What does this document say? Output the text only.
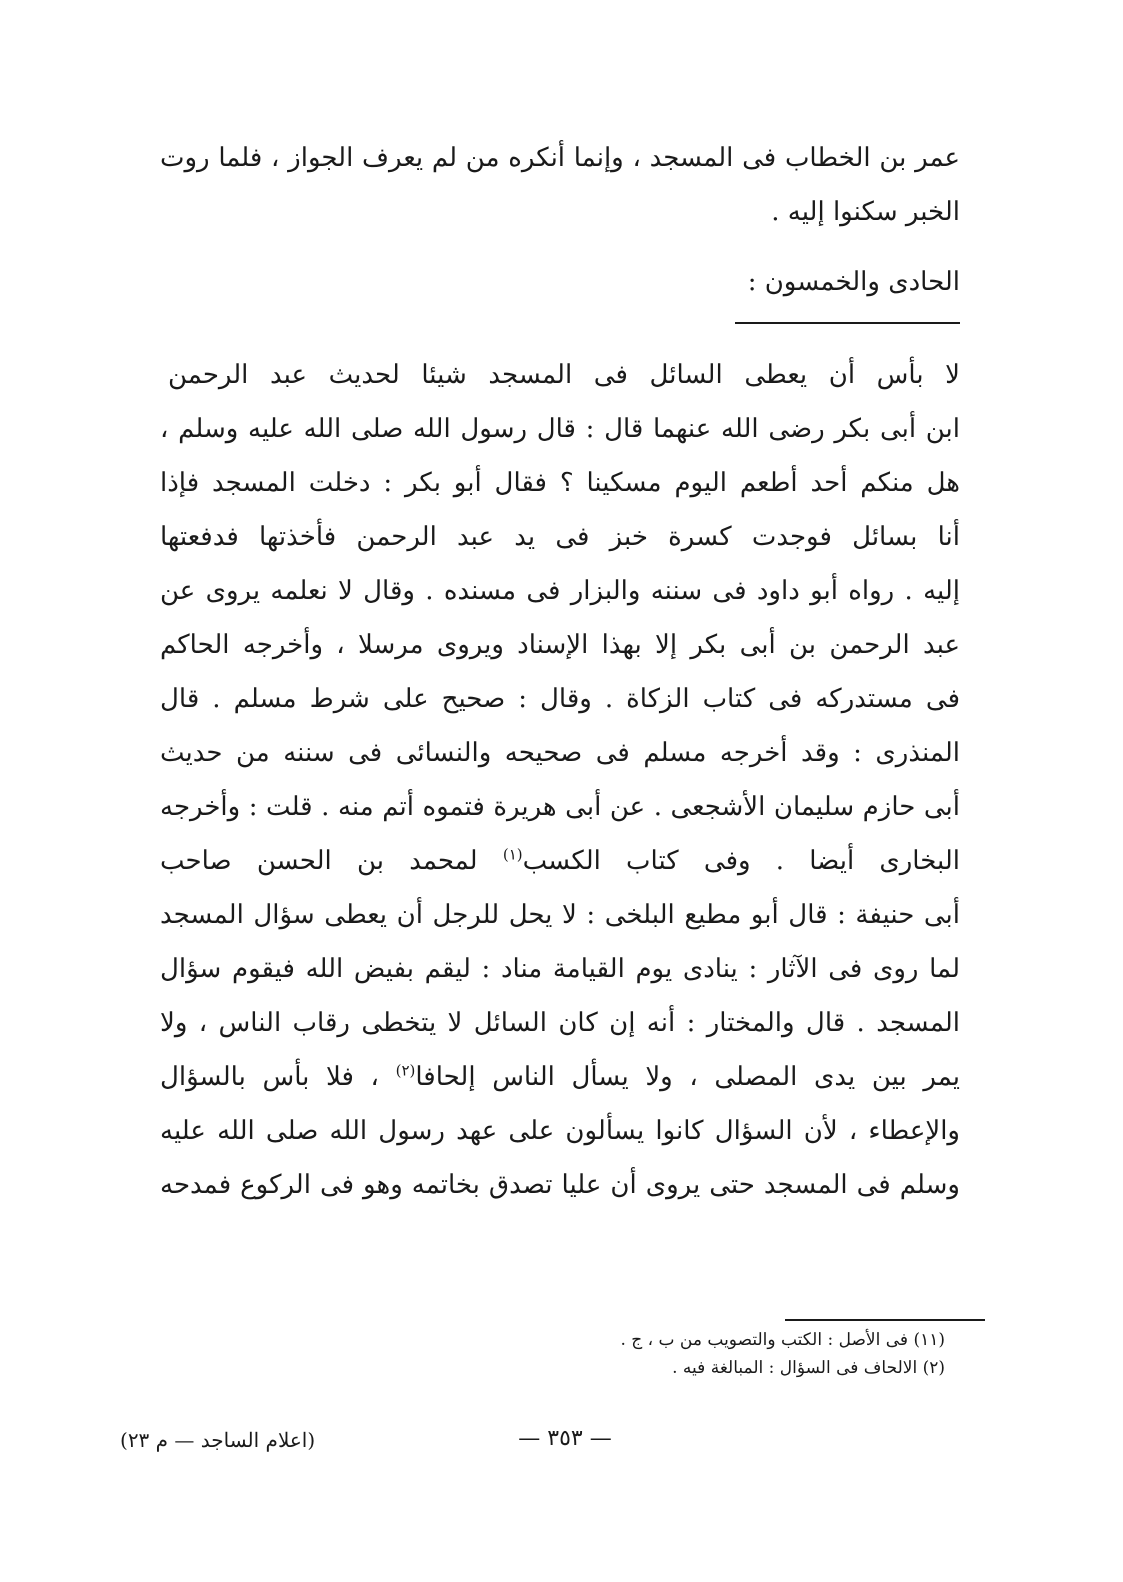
عمر بن الخطاب فى المسجد ، وإنما أنكره من لم يعرف الجواز ، فلما روت
الخبر سكنوا إليه .
الحادى والخمسون :
لا بأس أن يعطى السائل فى المسجد شيئا لحديث عبد الرحمن
ابن أبى بكر رضى الله عنهما قال : قال رسول الله صلى الله عليه وسلم ،
هل منكم أحد أطعم اليوم مسكينا ؟ فقال أبو بكر : دخلت المسجد فإذا
أنا بسائل فوجدت كسرة خبز فى يد عبد الرحمن فأخذتها فدفعتها
إليه . رواه أبو داود فى سننه والبزار فى مسنده . وقال لا نعلمه يروى عن
عبد الرحمن بن أبى بكر إلا بهذا الإسناد ويروى مرسلا ، وأخرجه الحاكم
فى مستدركه فى كتاب الزكاة . وقال : صحيح على شرط مسلم . قال
المنذرى : وقد أخرجه مسلم فى صحيحه والنسائى فى سننه من حديث
أبى حازم سليمان الأشجعى . عن أبى هريرة فتموه أتم منه . قلت : وأخرجه
البخارى أيضا . وفى كتاب الكسب$^{(١)}$ لمحمد بن الحسن صاحب
أبى حنيفة : قال أبو مطيع البلخى : لا يحل للرجل أن يعطى سؤال المسجد
لما روى فى الآثار : ينادى يوم القيامة مناد : ليقم بفيض الله فيقوم سؤال
المسجد . قال والمختار : أنه إن كان السائل لا يتخطى رقاب الناس ، ولا
يمر بين يدى المصلى ، ولا يسأل الناس إلحافا$^{(٢)}$ ، فلا بأس بالسؤال
والإعطاء ، لأن السؤال كانوا يسألون على عهد رسول الله صلى الله عليه
وسلم فى المسجد حتى يروى أن عليا تصدق بخاتمه وهو فى الركوع فمدحه
(١١) فى الأصل : الكتب والتصويب من ب ، ج .
(٢) الالحاف فى السؤال : المبالغة فيه .
— ٣٥٣ —
(اعلام الساجد — م ٢٣)
